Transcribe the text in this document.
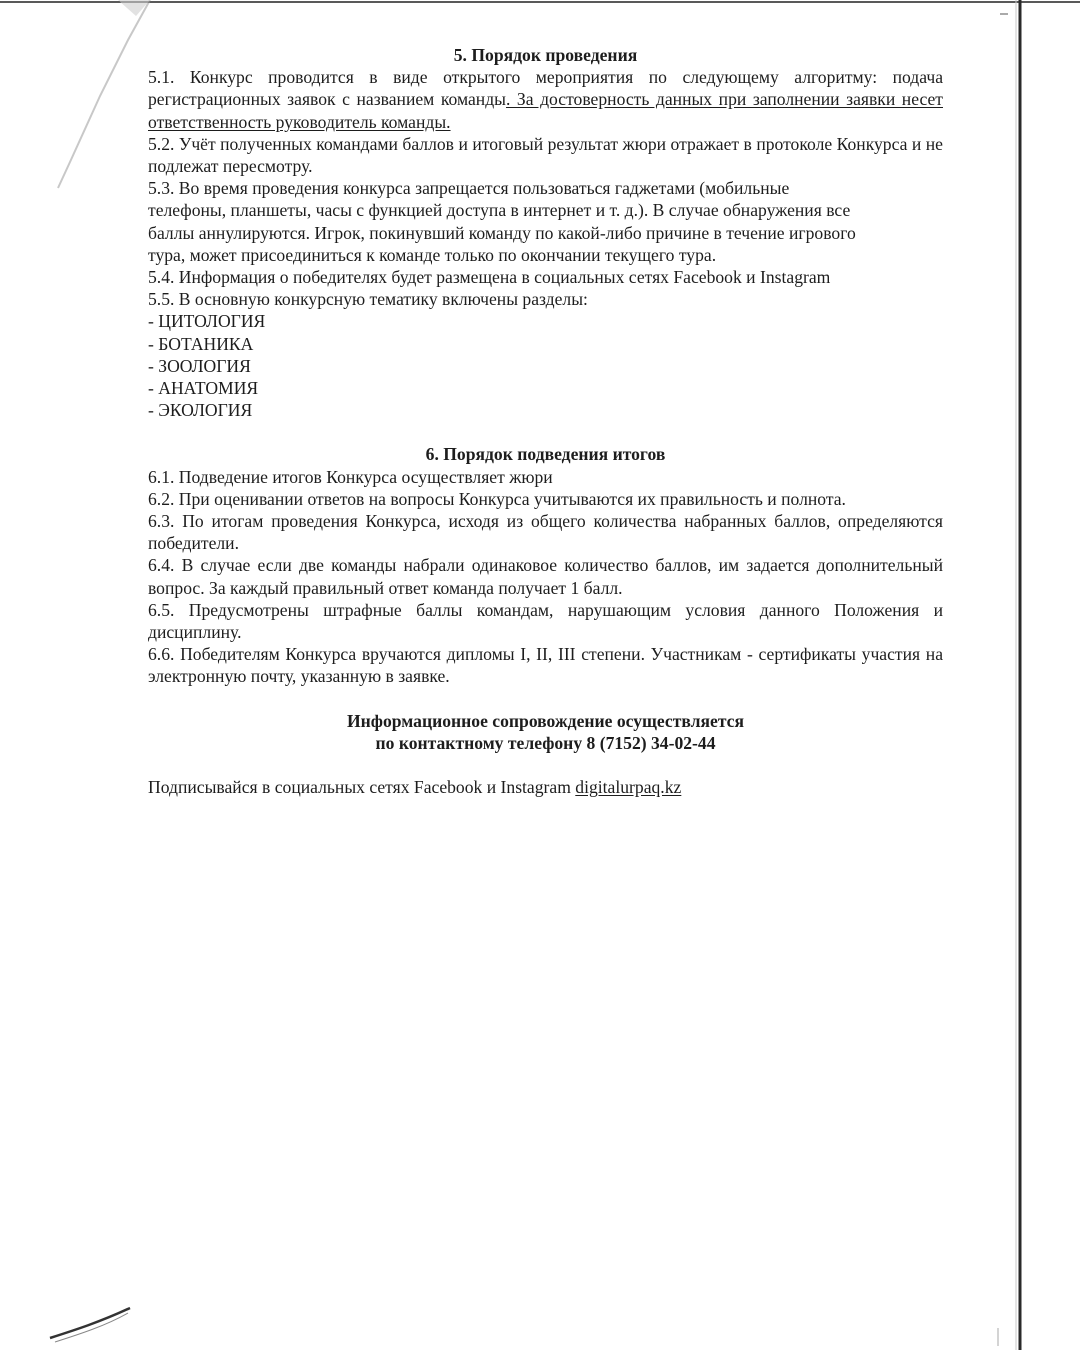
5. Порядок проведения

5.1. Конкурс проводится в виде открытого мероприятия по следующему алгоритму: подача регистрационных заявок с названием команды. За достоверность данных при заполнении заявки несет ответственность руководитель команды.

5.2. Учёт полученных командами баллов и итоговый результат жюри отражает в протоколе Конкурса и не подлежат пересмотру.

5.3. Во время проведения конкурса запрещается пользоваться гаджетами (мобильные

телефоны, планшеты, часы с функцией доступа в интернет и т. д.). В случае обнаружения все

баллы аннулируются. Игрок, покинувший команду по какой-либо причине в течение игрового

тура, может присоединиться к команде только по окончании текущего тура.

5.4. Информация о победителях будет размещена в социальных сетях Facebook и Instagram

5.5. В основную конкурсную тематику включены разделы:

- ЦИТОЛОГИЯ
- БОТАНИКА
- ЗООЛОГИЯ
- АНАТОМИЯ
- ЭКОЛОГИЯ

6. Порядок подведения итогов

6.1. Подведение итогов Конкурса осуществляет жюри

6.2. При оценивании ответов на вопросы Конкурса учитываются их правильность и полнота.

6.3. По итогам проведения Конкурса, исходя из общего количества набранных баллов, определяются победители.

6.4. В случае если две команды набрали одинаковое количество баллов, им задается дополнительный вопрос. За каждый правильный ответ команда получает 1 балл.

6.5. Предусмотрены штрафные баллы командам, нарушающим условия данного Положения и дисциплину.

6.6. Победителям Конкурса вручаются дипломы I, II, III степени. Участникам - сертификаты участия на электронную почту, указанную в заявке.

Информационное сопровождение осуществляется

по контактному телефону 8 (7152) 34-02-44

Подписывайся в социальных сетях Facebook и Instagram digitalurpaq.kz
